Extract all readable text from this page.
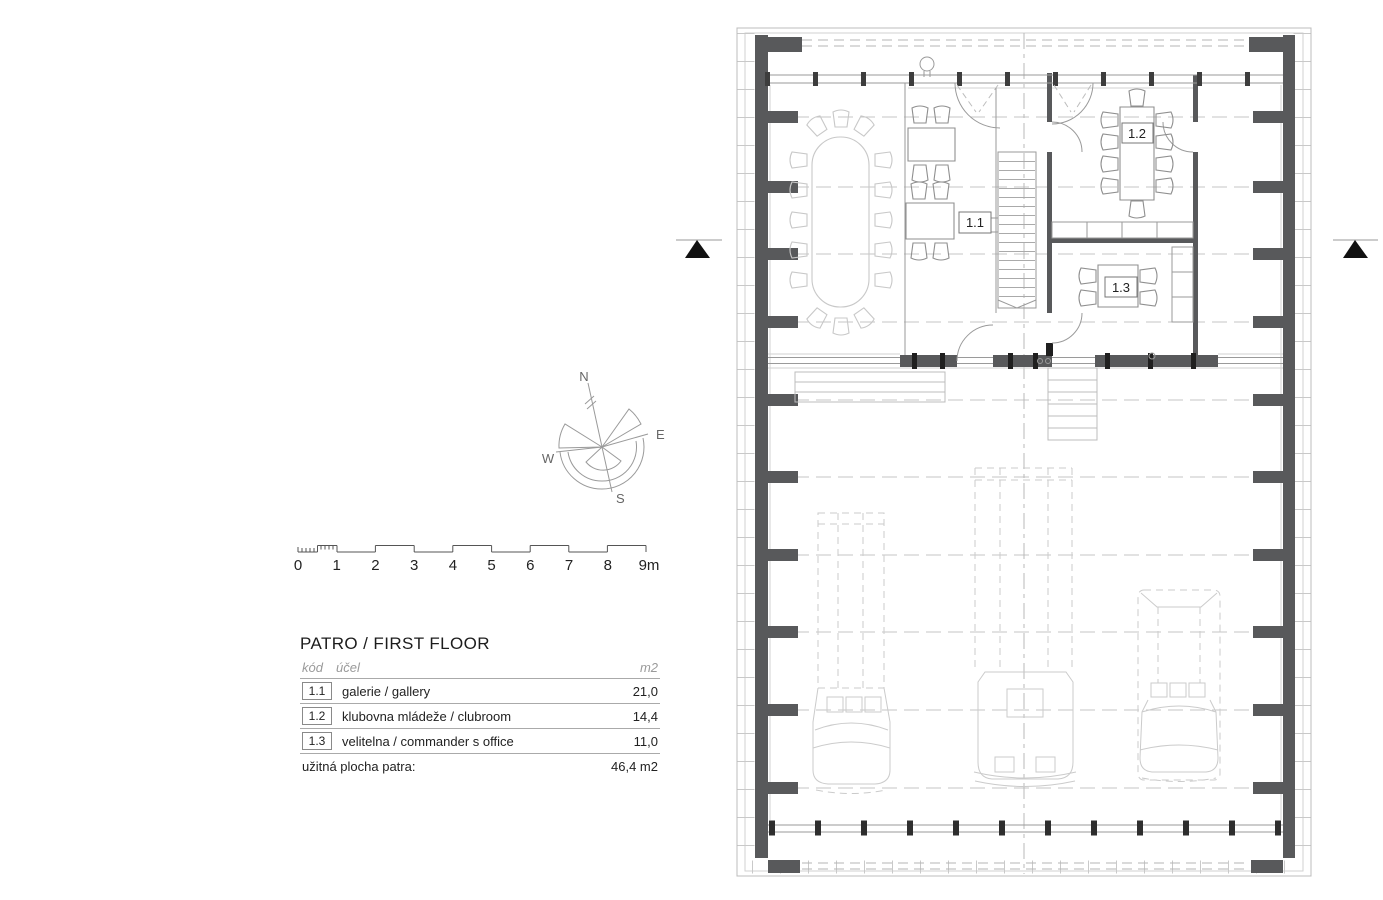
1.1
1.2
1.3
N
E
W
S
0 1 2 3 4 5 6 7 8 9m
PATRO / FIRST FLOOR
kód	účel	m2
1.1	galerie / gallery	21,0
1.2	klubovna mládeže / clubroom	14,4
1.3	velitelna / commander s office	11,0
užitná plocha patra:	46,4 m2
